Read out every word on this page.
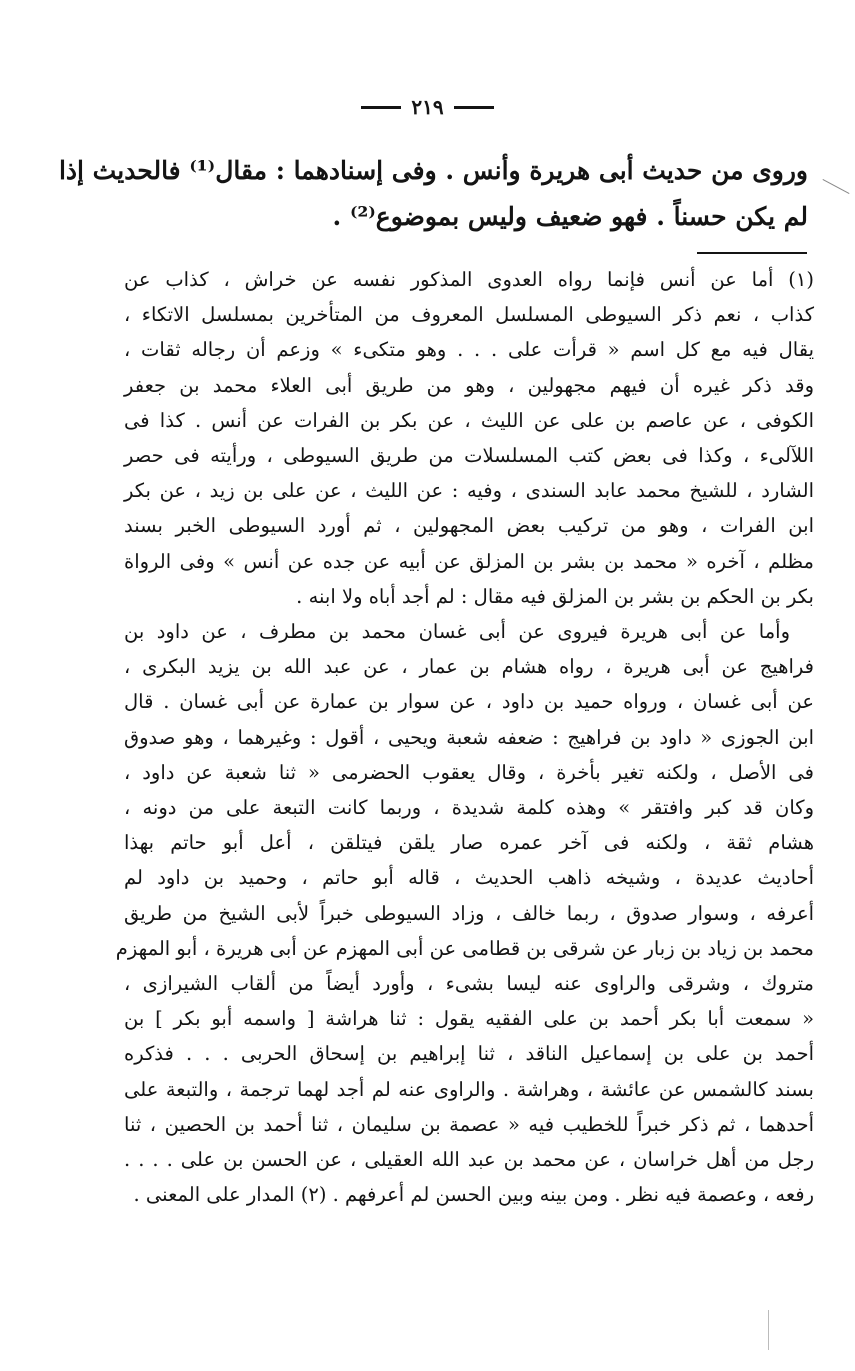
٢١٩
وروى من حديث أبى هريرة وأنس . وفى إسنادهما : مقال⁽¹⁾ فالحديث إذا
لم يكن حسناً . فهو ضعيف وليس بموضوع⁽²⁾ .
(١) أما عن أنس فإنما رواه العدوى المذكور نفسه عن خراش ، كذاب عن
كذاب ، نعم ذكر السيوطى المسلسل المعروف من المتأخرين بمسلسل الاتكاء ،
يقال فيه مع كل اسم « قرأت على . . . وهو متكىء » وزعم أن رجاله ثقات ،
وقد ذكر غيره أن فيهم مجهولين ، وهو من طريق أبى العلاء محمد بن جعفر
الكوفى ، عن عاصم بن على عن الليث ، عن بكر بن الفرات عن أنس . كذا فى
اللآلىء ، وكذا فى بعض كتب المسلسلات من طريق السيوطى ، ورأيته فى حصر
الشارد ، للشيخ محمد عابد السندى ، وفيه : عن الليث ، عن على بن زيد ، عن بكر
ابن الفرات ، وهو من تركيب بعض المجهولين ، ثم أورد السيوطى الخبر بسند
مظلم ، آخره « محمد بن بشر بن المزلق عن أبيه عن جده عن أنس » وفى الرواة
بكر بن الحكم بن بشر بن المزلق فيه مقال : لم أجد أباه ولا ابنه .
وأما عن أبى هريرة فيروى عن أبى غسان محمد بن مطرف ، عن داود بن
فراهيج عن أبى هريرة ، رواه هشام بن عمار ، عن عبد الله بن يزيد البكرى ،
عن أبى غسان ، ورواه حميد بن داود ، عن سوار بن عمارة عن أبى غسان . قال
ابن الجوزى « داود بن فراهيج : ضعفه شعبة ويحيى ، أقول : وغيرهما ، وهو صدوق
فى الأصل ، ولكنه تغير بأخرة ، وقال يعقوب الحضرمى « ثنا شعبة عن داود ،
وكان قد كبر وافتقر » وهذه كلمة شديدة ، وربما كانت التبعة على من دونه ،
هشام ثقة ، ولكنه فى آخر عمره صار يلقن فيتلقن ، أعل أبو حاتم بهذا
أحاديث عديدة ، وشيخه ذاهب الحديث ، قاله أبو حاتم ، وحميد بن داود لم
أعرفه ، وسوار صدوق ، ربما خالف ، وزاد السيوطى خبراً لأبى الشيخ من طريق
محمد بن زياد بن زبار عن شرقى بن قطامى عن أبى المهزم عن أبى هريرة ، أبو المهزم
متروك ، وشرقى والراوى عنه ليسا بشىء ، وأورد أيضاً من ألقاب الشيرازى ،
« سمعت أبا بكر أحمد بن على الفقيه يقول : ثنا هراشة [ واسمه أبو بكر ] بن
أحمد بن على بن إسماعيل الناقد ، ثنا إبراهيم بن إسحاق الحربى . . . فذكره
بسند كالشمس عن عائشة ، وهراشة . والراوى عنه لم أجد لهما ترجمة ، والتبعة على
أحدهما ، ثم ذكر خبراً للخطيب فيه « عصمة بن سليمان ، ثنا أحمد بن الحصين ، ثنا
رجل من أهل خراسان ، عن محمد بن عبد الله العقيلى ، عن الحسن بن على . . . .
رفعه ، وعصمة فيه نظر . ومن بينه وبين الحسن لم أعرفهم . (٢) المدار على المعنى .
